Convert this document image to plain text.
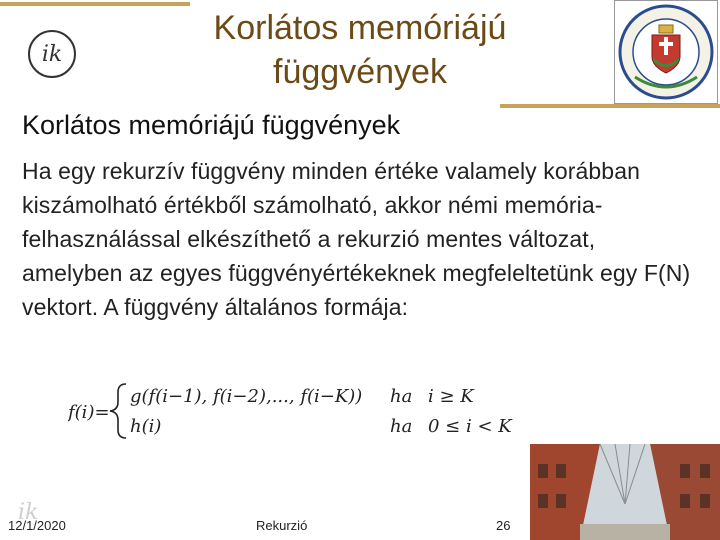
ik
Korlátos memóriájú
függvények
Korlátos memóriájú függvények

Ha egy rekurzív függvény minden értéke valamely korábban kiszámolható értékből számolható, akkor némi memória-felhasználással elkészíthető a rekurzió mentes változat, amelyben az egyes függvényértékeknek megfeleltetünk egy F(N) vektort. A függvény általános formája:

f(i)=
g(f(i−1), f(i−2),..., f(i−K))
h(i)
ha i ≥ K
ha 0 ≤ i < K
ik
12/1/2020	Rekurzió	26
